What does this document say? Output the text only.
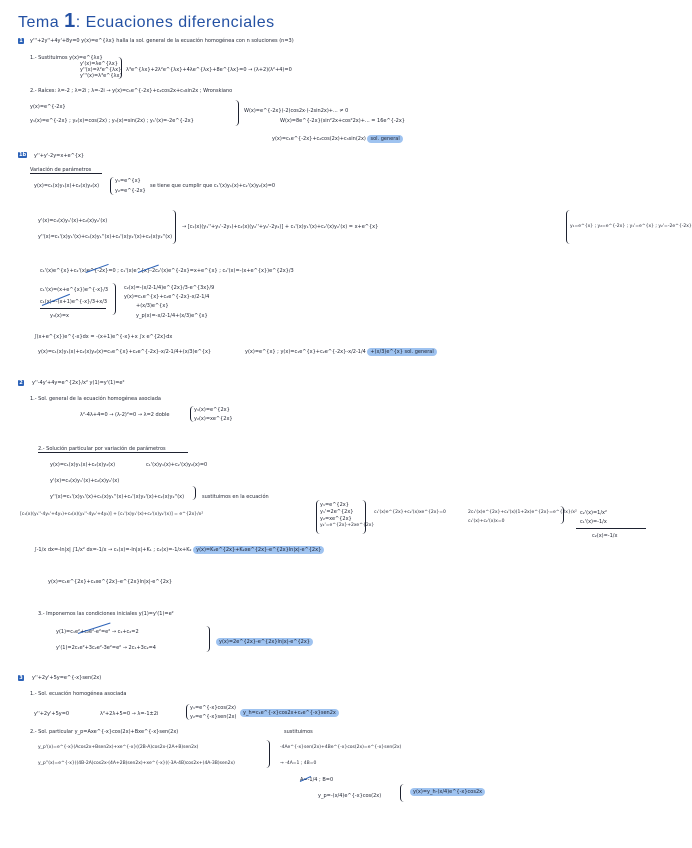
Tema 1: Ecuaciones diferenciales
1 y'''+2y''+4y'+8y=0 y(x)=e^{λx} halla la sol. general de la ecuación homogénea con n soluciones (n=3)
1.- Sustituimos y(x)=e^{λx}
y'(x)=λe^{λx}
y''(x)=λ²e^{λx}
y'''(x)=λ³e^{λx}
λ³e^{λx}+2λ²e^{λx}+4λe^{λx}+8e^{λx}=0 → (λ+2)(λ²+4)=0
2.- Raíces: λ=-2 ; λ=2i ; λ=-2i → y(x)=c₁e^{-2x}+c₂cos2x+c₃sin2x ; Wronskiano
y(x)=e^{-2x}
y₁(x)=e^{-2x} ; y₂(x)=cos(2x) ; y₃(x)=sin(2x) ; y₁'(x)=-2e^{-2x}
W(x)=e^{-2x}(-2)cos2x·(-2sin2x)+... ≠ 0
W(x)=8e^{-2x}(sin²2x+cos²2x)+... = 16e^{-2x}
y(x)=c₁e^{-2x}+c₂cos(2x)+c₃sin(2x) sol. general
1b y''+y'-2y=x+e^{x}
Variación de parámetros
y(x)=c₁(x)y₁(x)+c₂(x)y₂(x)
y₁=e^{x}
y₂=e^{-2x}
se tiene que cumplir que c₁'(x)y₁(x)+c₂'(x)y₂(x)=0
y'(x)=c₁(x)y₁'(x)+c₂(x)y₂'(x)
y''(x)=c₁'(x)y₁'(x)+c₁(x)y₁''(x)+c₂'(x)y₂'(x)+c₂(x)y₂''(x)
→ [c₁(x)(y₁''+y₁'-2y₁)+c₂(x)(y₂''+y₂'-2y₂)] + c₁'(x)y₁'(x)+c₂'(x)y₂'(x) = x+e^{x}	y₁=e^{x} ; y₂=e^{-2x} ; y₁'=e^{x} ; y₂'=-2e^{-2x}
c₁'(x)e^{x}+c₂'(x)e^{-2x}=0 ; c₁'(x)e^{x}-2c₂'(x)e^{-2x}=x+e^{x} ; c₂'(x)=-(x+e^{x})e^{2x}/3
c₁'(x)=(x+e^{x})e^{-x}/3
c₁(x)=-(x+1)e^{-x}/3+x/3
y₃(x)=x
c₂(x)=-(x/2-1/4)e^{2x}/3-e^{3x}/9
y(x)=c₁e^{x}+c₂e^{-2x}-x/2-1/4
+(x/3)e^{x}
y_p(x)=-x/2-1/4+(x/3)e^{x}
∫(x+e^{x})e^{-x}dx = -(x+1)e^{-x}+x ∫x e^{2x}dx
y(x)=c₁(x)y₁(x)+c₂(x)y₂(x)=c₁e^{x}+c₂e^{-2x}-x/2-1/4+(x/3)e^{x}	y(x)=e^{x} ; y(x)=c₁e^{x}+c₂e^{-2x}-x/2-1/4 +(x/3)e^{x} sol. general
2 y''-4y'+4y=e^{2x}/x² y(1)=y'(1)=e²
1.- Sol. general de la ecuación homogénea asociada
λ²-4λ+4=0 → (λ-2)²=0 → λ=2 doble
y₁(x)=e^{2x}
y₂(x)=xe^{2x}
2.- Solución particular por variación de parámetros
y(x)=c₁(x)y₁(x)+c₂(x)y₂(x)	c₁'(x)y₁(x)+c₂'(x)y₂(x)=0
y'(x)=c₁(x)y₁'(x)+c₂(x)y₂'(x)
y''(x)=c₁'(x)y₁'(x)+c₁(x)y₁''(x)+c₂'(x)y₂'(x)+c₂(x)y₂''(x)	sustituimos en la ecuación
[c₁(x)(y₁''-4y₁'+4y₁)+c₂(x)(y₂''-4y₂'+4y₂)] + [c₁'(x)y₁'(x)+c₂'(x)y₂'(x)] = e^{2x}/x²
y₁=e^{2x}
y₁'=2e^{2x}
y₂=xe^{2x}
y₂'=e^{2x}+2xe^{2x}
c₁'(x)e^{2x}+c₂'(x)xe^{2x}=0	2c₁'(x)e^{2x}+c₂'(x)(1+2x)e^{2x}=e^{2x}/x²
c₁'(x)+c₂'(x)x=0
c₂'(x)=1/x²
c₁'(x)=-1/x
c₂(x)=-1/x
∫-1/x dx=-ln|x| ∫1/x² dx=-1/x → c₁(x)=-ln|x|+K₁ ; c₂(x)=-1/x+K₂ y(x)=K₁e^{2x}+K₂xe^{2x}-e^{2x}ln|x|-e^{2x}
y(x)=c₁e^{2x}+c₂xe^{2x}-e^{2x}ln|x|-e^{2x}
3.- Imponemos las condiciones iniciales y(1)=y'(1)=e²
y(1)=c₁e²+c₂e²-e²=e² → c₁+c₂=2
y'(1)=2c₁e²+3c₂e²-3e²=e² → 2c₁+3c₂=4
y(x)=2e^{2x}-e^{2x}ln|x|-e^{2x}
3 y''+2y'+5y=e^{-x}sen(2x)
1.- Sol. ecuación homogénea asociada
y''+2y'+5y=0	λ²+2λ+5=0 → λ=-1±2i
y₁=e^{-x}cos(2x)
y₂=e^{-x}sen(2x)
y_h=c₁e^{-x}cos2x+c₂e^{-x}sen2x
2.- Sol. particular y_p=Axe^{-x}cos(2x)+Bxe^{-x}sen(2x)	sustituimos
y_p'(x)=e^{-x}(Acos2x+Bsen2x)+xe^{-x}((2B-A)cos2x-(2A+B)sen2x)
y_p''(x)=e^{-x}((4B-2A)cos2x-(4A+2B)sen2x)+xe^{-x}((-3A-4B)cos2x+(4A-3B)sen2x)
-4Ae^{-x}sen(2x)+4Be^{-x}cos(2x)=e^{-x}sen(2x)
→ -4A=1 ; 4B=0
A=-1/4 ; B=0
y_p=-(x/4)e^{-x}cos(2x)
y(x)=y_h-(x/4)e^{-x}cos2x
